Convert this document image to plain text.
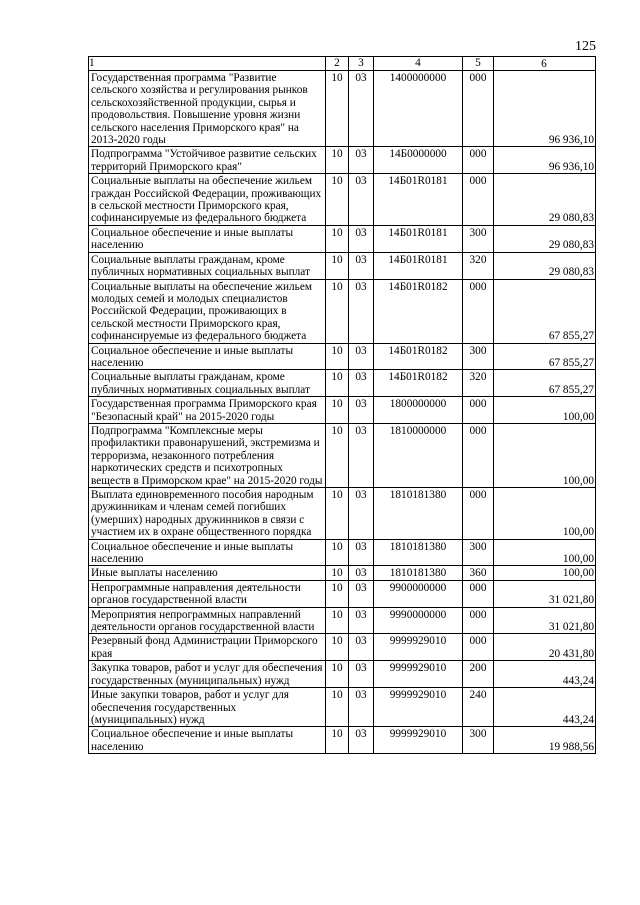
125
1	2	3	4	5	6
Государственная программа "Развитие сельского хозяйства и регулирования рынков сельскохозяйственной продукции, сырья и продовольствия. Повышение уровня жизни сельского населения Приморского края" на 2013-2020 годы	10	03	1400000000	000	96 936,10
Подпрограмма "Устойчивое развитие сельских территорий Приморского края"	10	03	14Б0000000	000	96 936,10
Социальные выплаты на обеспечение жильем граждан Российской Федерации, проживающих в сельской местности Приморского края, софинансируемые из федерального бюджета	10	03	14Б01R0181	000	29 080,83
Социальное обеспечение и иные выплаты населению	10	03	14Б01R0181	300	29 080,83
Социальные выплаты гражданам, кроме публичных нормативных социальных выплат	10	03	14Б01R0181	320	29 080,83
Социальные выплаты на обеспечение жильем молодых семей и молодых специалистов Российской Федерации, проживающих в сельской местности Приморского края, софинансируемые из федерального бюджета	10	03	14Б01R0182	000	67 855,27
Социальное обеспечение и иные выплаты населению	10	03	14Б01R0182	300	67 855,27
Социальные выплаты гражданам, кроме публичных нормативных социальных выплат	10	03	14Б01R0182	320	67 855,27
Государственная программа Приморского края "Безопасный край" на 2015-2020 годы	10	03	1800000000	000	100,00
Подпрограмма "Комплексные меры профилактики правонарушений, экстремизма и терроризма, незаконного потребления наркотических средств и психотропных веществ в Приморском крае" на 2015-2020 годы	10	03	1810000000	000	100,00
Выплата единовременного пособия народным дружинникам и членам семей погибших (умерших) народных дружинников в связи с участием их в охране общественного порядка	10	03	1810181380	000	100,00
Социальное обеспечение и иные выплаты населению	10	03	1810181380	300	100,00
Иные выплаты населению	10	03	1810181380	360	100,00
Непрограммные направления деятельности органов государственной власти	10	03	9900000000	000	31 021,80
Мероприятия непрограммных направлений деятельности органов государственной власти	10	03	9990000000	000	31 021,80
Резервный фонд Администрации Приморского края	10	03	9999929010	000	20 431,80
Закупка товаров, работ и услуг для обеспечения государственных (муниципальных) нужд	10	03	9999929010	200	443,24
Иные закупки товаров, работ и услуг для обеспечения государственных (муниципальных) нужд	10	03	9999929010	240	443,24
Социальное обеспечение и иные выплаты населению	10	03	9999929010	300	19 988,56
